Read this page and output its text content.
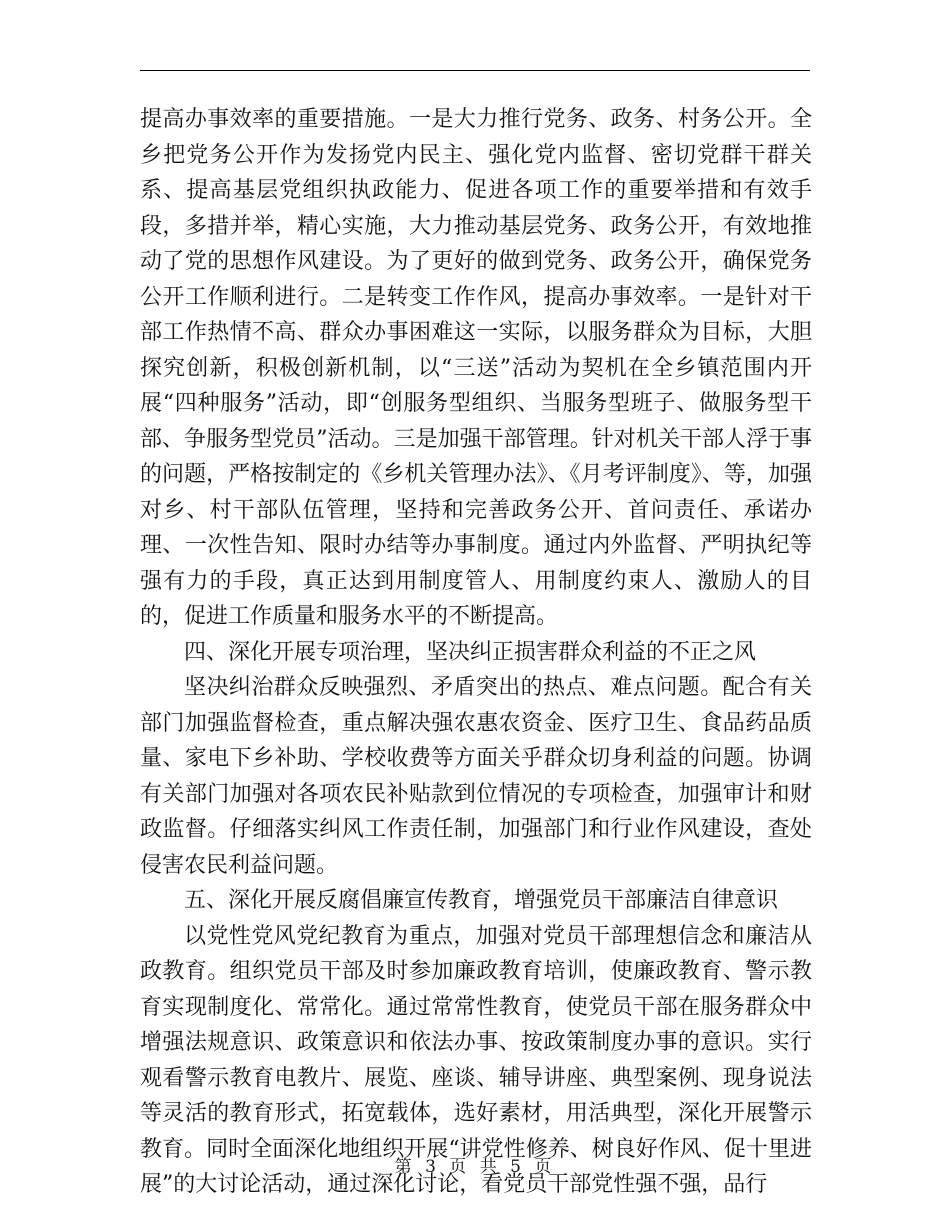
提高办事效率的重要措施。一是大力推行党务、政务、村务公开。全乡把党务公开作为发扬党内民主、强化党内监督、密切党群干群关系、提高基层党组织执政能力、促进各项工作的重要举措和有效手段，多措并举，精心实施，大力推动基层党务、政务公开，有效地推动了党的思想作风建设。为了更好的做到党务、政务公开，确保党务公开工作顺利进行。二是转变工作作风，提高办事效率。一是针对干部工作热情不高、群众办事困难这一实际，以服务群众为目标，大胆探究创新，积极创新机制，以“三送”活动为契机在全乡镇范围内开展“四种服务”活动，即“创服务型组织、当服务型班子、做服务型干部、争服务型党员”活动。三是加强干部管理。针对机关干部人浮于事的问题，严格按制定的《乡机关管理办法》、《月考评制度》、等，加强对乡、村干部队伍管理，坚持和完善政务公开、首问责任、承诺办理、一次性告知、限时办结等办事制度。通过内外监督、严明执纪等强有力的手段，真正达到用制度管人、用制度约束人、激励人的目的，促进工作质量和服务水平的不断提高。

四、深化开展专项治理，坚决纠正损害群众利益的不正之风

坚决纠治群众反映强烈、矛盾突出的热点、难点问题。配合有关部门加强监督检查，重点解决强农惠农资金、医疗卫生、食品药品质量、家电下乡补助、学校收费等方面关乎群众切身利益的问题。协调有关部门加强对各项农民补贴款到位情况的专项检查，加强审计和财政监督。仔细落实纠风工作责任制，加强部门和行业作风建设，查处侵害农民利益问题。

五、深化开展反腐倡廉宣传教育，增强党员干部廉洁自律意识

以党性党风党纪教育为重点，加强对党员干部理想信念和廉洁从政教育。组织党员干部及时参加廉政教育培训，使廉政教育、警示教育实现制度化、常常化。通过常常性教育，使党员干部在服务群众中增强法规意识、政策意识和依法办事、按政策制度办事的意识。实行观看警示教育电教片、展览、座谈、辅导讲座、典型案例、现身说法等灵活的教育形式，拓宽载体，选好素材，用活典型，深化开展警示教育。同时全面深化地组织开展“讲党性修养、树良好作风、促十里进展”的大讨论活动，通过深化讨论，看党员干部党性强不强，品行

第 3 页 共 5 页
